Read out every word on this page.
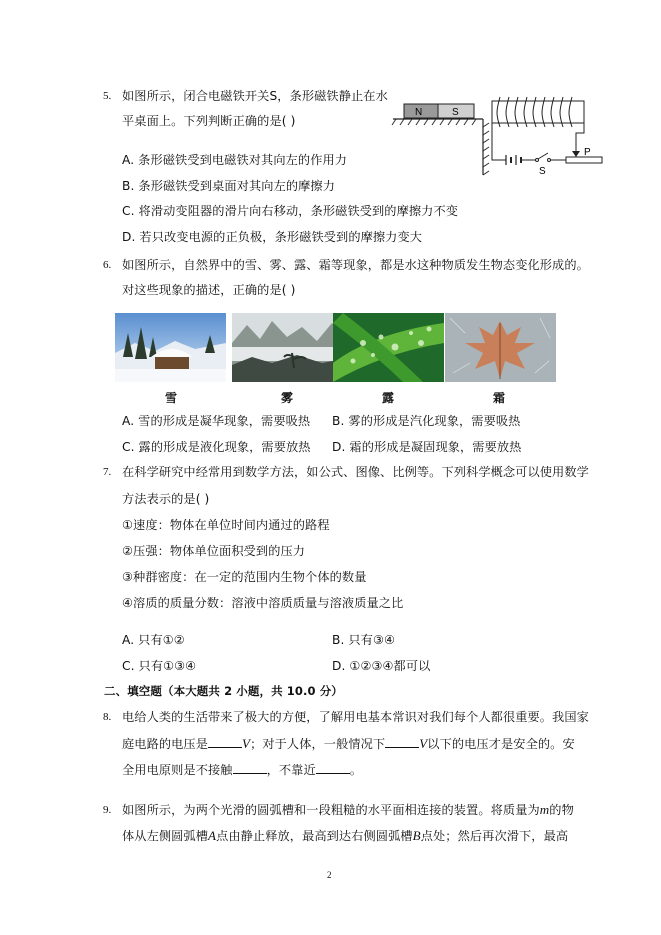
5. 如图所示，闭合电磁铁开关S，条形磁铁静止在水
平桌面上。下列判断正确的是( )
A. 条形磁铁受到电磁铁对其向左的作用力
B. 条形磁铁受到桌面对其向左的摩擦力
C. 将滑动变阻器的滑片向右移动，条形磁铁受到的摩擦力不变
D. 若只改变电源的正负极，条形磁铁受到的摩擦力变大
N	S
S
P
6. 如图所示，自然界中的雪、雾、露、霜等现象，都是水这种物质发生物态变化形成的。
对这些现象的描述，正确的是( )
雪	雾	露	霜
A. 雪的形成是凝华现象，需要吸热 B. 雾的形成是汽化现象，需要吸热
C. 露的形成是液化现象，需要放热 D. 霜的形成是凝固现象，需要放热
7. 在科学研究中经常用到数学方法，如公式、图像、比例等。下列科学概念可以使用数学
方法表示的是( )
①速度：物体在单位时间内通过的路程
②压强：物体单位面积受到的压力
③种群密度：在一定的范围内生物个体的数量
④溶质的质量分数：溶液中溶质质量与溶液质量之比
A. 只有①②	B. 只有③④
C. 只有①③④	D. ①②③④都可以
二、填空题（本大题共 2 小题，共 10.0 分）
8. 电给人类的生活带来了极大的方便，了解用电基本常识对我们每个人都很重要。我国家
庭电路的电压是	V；对于人体，一般情况下	V以下的电压才是安全的。安
全用电原则是不接触	，不靠近	。
9. 如图所示，为两个光滑的圆弧槽和一段粗糙的水平面相连接的装置。将质量为m的物
体从左侧圆弧槽A点由静止释放，最高到达右侧圆弧槽B点处；然后再次滑下，最高
2
